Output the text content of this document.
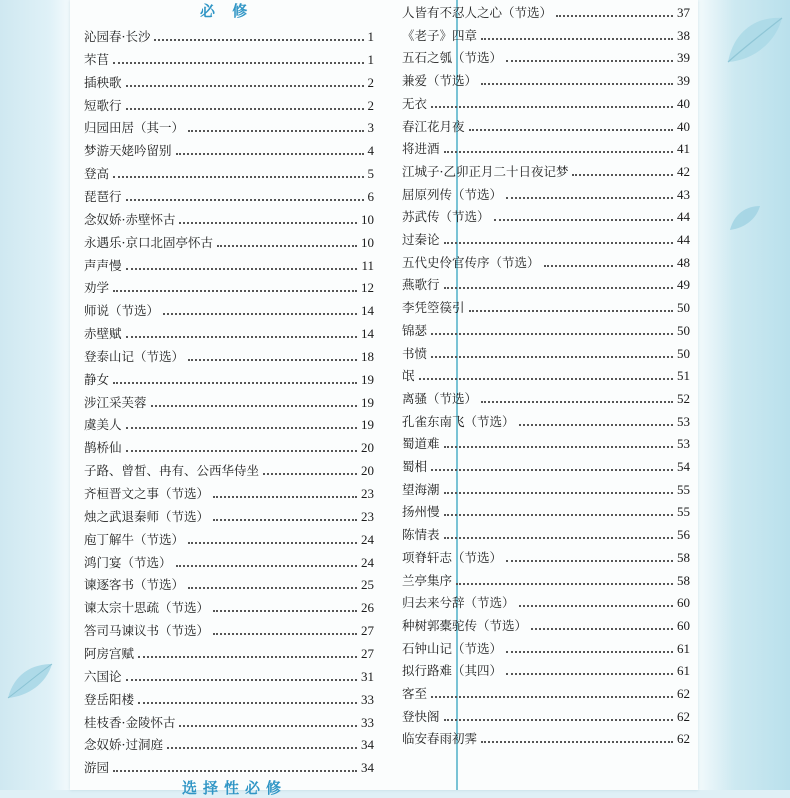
必 修
选择性必修
沁园春·长沙	1
芣苢	1
插秧歌	2
短歌行	2
归园田居（其一）	3
梦游天姥吟留别	4
登高	5
琵琶行	6
念奴娇·赤壁怀古	10
永遇乐·京口北固亭怀古	10
声声慢	11
劝学	12
师说（节选）	14
赤壁赋	14
登泰山记（节选）	18
静女	19
涉江采芙蓉	19
虞美人	19
鹊桥仙	20
子路、曾皙、冉有、公西华侍坐	20
齐桓晋文之事（节选）	23
烛之武退秦师（节选）	23
庖丁解牛（节选）	24
鸿门宴（节选）	24
谏逐客书（节选）	25
谏太宗十思疏（节选）	26
答司马谏议书（节选）	27
阿房宫赋	27
六国论	31
登岳阳楼	33
桂枝香·金陵怀古	33
念奴娇·过洞庭	34
游园	34
人皆有不忍人之心（节选）	37
《老子》四章	38
五石之瓠（节选）	39
兼爱（节选）	39
无衣	40
春江花月夜	40
将进酒	41
江城子·乙卯正月二十日夜记梦	42
屈原列传（节选）	43
苏武传（节选）	44
过秦论	44
五代史伶官传序（节选）	48
燕歌行	49
李凭箜篌引	50
锦瑟	50
书愤	50
氓	51
离骚（节选）	52
孔雀东南飞（节选）	53
蜀道难	53
蜀相	54
望海潮	55
扬州慢	55
陈情表	56
项脊轩志（节选）	58
兰亭集序	58
归去来兮辞（节选）	60
种树郭橐驼传（节选）	60
石钟山记（节选）	61
拟行路难（其四）	61
客至	62
登快阁	62
临安春雨初霁	62
